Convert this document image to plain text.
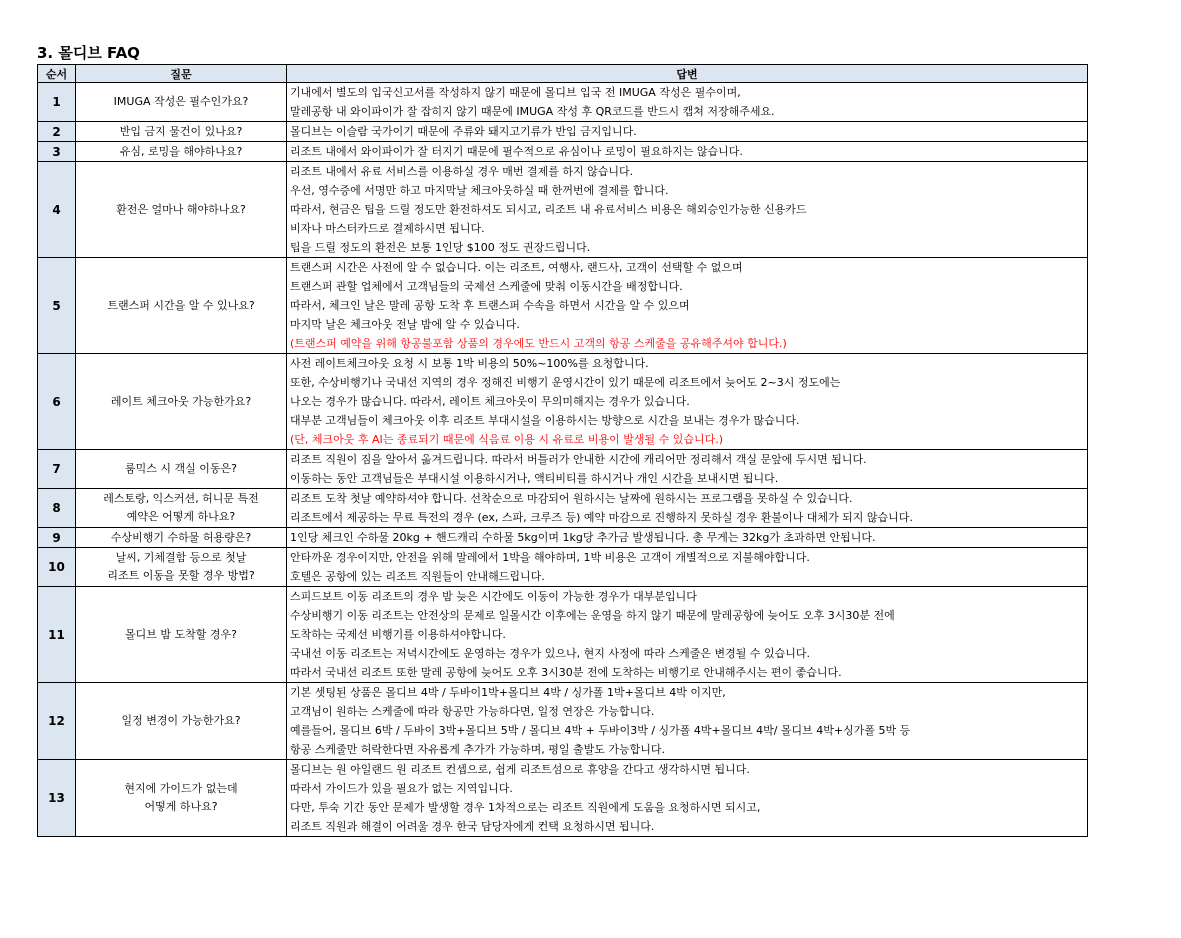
3. 몰디브 FAQ
순서	질문	답변
1	IMUGA 작성은 필수인가요?	기내에서 별도의 입국신고서를 작성하지 않기 때문에 몰디브 입국 전 IMUGA 작성은 필수이며,
말레공항 내 와이파이가 잘 잡히지 않기 때문에 IMUGA 작성 후 QR코드를 반드시 캡쳐 저장해주세요.

2	반입 금지 물건이 있나요?	몰디브는 이슬람 국가이기 때문에 주류와 돼지고기류가 반입 금지입니다.

3	유심, 로밍을 해야하나요?	리조트 내에서 와이파이가 잘 터지기 때문에 필수적으로 유심이나 로밍이 필요하지는 않습니다.

4	환전은 얼마나 해야하나요?	리조트 내에서 유료 서비스를 이용하실 경우 매번 결제를 하지 않습니다.
우선, 영수증에 서명만 하고 마지막날 체크아웃하실 때 한꺼번에 결제를 합니다.
따라서, 현금은 팁을 드릴 정도만 환전하셔도 되시고, 리조트 내 유료서비스 비용은 해외승인가능한 신용카드
비자나 마스터카드로 결제하시면 됩니다.
팁을 드릴 정도의 환전은 보통 1인당 $100 정도 권장드립니다.

5	트랜스퍼 시간을 알 수 있나요?	트랜스퍼 시간은 사전에 알 수 없습니다. 이는 리조트, 여행사, 랜드사, 고객이 선택할 수 없으며
트랜스퍼 관할 업체에서 고객님들의 국제선 스케줄에 맞춰 이동시간을 배정합니다.
따라서, 체크인 날은 말레 공항 도착 후 트랜스퍼 수속을 하면서 시간을 알 수 있으며
마지막 날은 체크아웃 전날 밤에 알 수 있습니다.
(트랜스퍼 예약을 위해 항공불포함 상품의 경우에도 반드시 고객의 항공 스케줄을 공유해주셔야 합니다.)

6	레이트 체크아웃 가능한가요?	사전 레이트체크아웃 요청 시 보통 1박 비용의 50%~100%를 요청합니다.
또한, 수상비행기나 국내선 지역의 경우 정해진 비행기 운영시간이 있기 때문에 리조트에서 늦어도 2~3시 정도에는
나오는 경우가 많습니다. 따라서, 레이트 체크아웃이 무의미해지는 경우가 있습니다.
대부분 고객님들이 체크아웃 이후 리조트 부대시설을 이용하시는 방향으로 시간을 보내는 경우가 많습니다.
(단, 체크아웃 후 AI는 종료되기 때문에 식음료 이용 시 유료로 비용이 발생될 수 있습니다.)

7	룸믹스 시 객실 이동은?	리조트 직원이 짐을 알아서 옮겨드립니다. 따라서 버틀러가 안내한 시간에 캐리어만 정리해서 객실 문앞에 두시면 됩니다.
이동하는 동안 고객님들은 부대시설 이용하시거나, 액티비티를 하시거나 개인 시간을 보내시면 됩니다.

8	레스토랑, 익스커션, 허니문 특전
예약은 어떻게 하나요?	리조트 도착 첫날 예약하셔야 합니다. 선착순으로 마감되어 원하시는 날짜에 원하시는 프로그램을 못하실 수 있습니다.
리조트에서 제공하는 무료 특전의 경우 (ex, 스파, 크루즈 등) 예약 마감으로 진행하지 못하실 경우 환불이나 대체가 되지 않습니다.

9	수상비행기 수하물 허용량은?	1인당 체크인 수하물 20kg + 핸드캐리 수하물 5kg이며 1kg당 추가금 발생됩니다. 총 무게는 32kg가 초과하면 안됩니다.

10	날씨, 기체결함 등으로 첫날
리조트 이동을 못할 경우 방법?	안타까운 경우이지만, 안전을 위해 말레에서 1박을 해야하며, 1박 비용은 고객이 개별적으로 지불해야합니다.
호텔은 공항에 있는 리조트 직원들이 안내해드립니다.

11	몰디브 밤 도착할 경우?	스피드보트 이동 리조트의 경우 밤 늦은 시간에도 이동이 가능한 경우가 대부분입니다
수상비행기 이동 리조트는 안전상의 문제로 일몰시간 이후에는 운영을 하지 않기 때문에 말레공항에 늦어도 오후 3시30분 전에
도착하는 국제선 비행기를 이용하셔야합니다.
국내선 이동 리조트는 저녁시간에도 운영하는 경우가 있으나, 현지 사정에 따라 스케줄은 변경될 수 있습니다.
따라서 국내선 리조트 또한 말레 공항에 늦어도 오후 3시30분 전에 도착하는 비행기로 안내해주시는 편이 좋습니다.

12	일정 변경이 가능한가요?	기본 셋팅된 상품은 몰디브 4박 / 두바이1박+몰디브 4박 / 싱가폴 1박+몰디브 4박 이지만,
고객님이 원하는 스케줄에 따라 항공만 가능하다면, 일정 연장은 가능합니다.
예를들어, 몰디브 6박 / 두바이 3박+몰디브 5박 / 몰디브 4박 + 두바이3박 / 싱가폴 4박+몰디브 4박/ 몰디브 4박+싱가폴 5박 등
항공 스케줄만 허락한다면 자유롭게 추가가 가능하며, 평일 출발도 가능합니다.

13	현지에 가이드가 없는데
어떻게 하나요?	몰디브는 원 아일랜드 원 리조트 컨셉으로, 쉽게 리조트섬으로 휴양을 간다고 생각하시면 됩니다.
따라서 가이드가 있을 필요가 없는 지역입니다.
다만, 투숙 기간 동안 문제가 발생할 경우 1차적으로는 리조트 직원에게 도움을 요청하시면 되시고,
리조트 직원과 해결이 어려울 경우 한국 담당자에게 컨택 요청하시면 됩니다.
